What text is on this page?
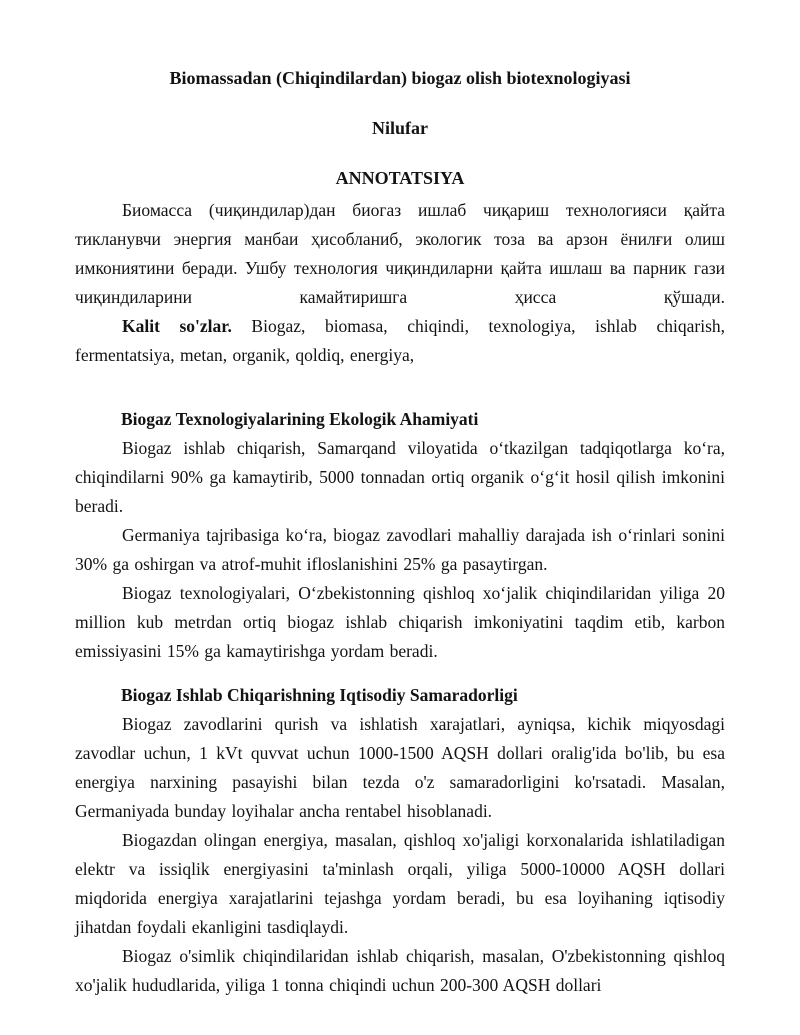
Biomassadan (Chiqindilardan) biogaz olish biotexnologiyasi
Nilufar
ANNOTATSIYA

Биомасса (чиқиндилар)дан биогаз ишлаб чиқариш технологияси қайта тикланувчи энергия манбаи ҳисобланиб, экологик тоза ва арзон ёнилғи олиш имкониятини беради. Ушбу технология чиқиндиларни қайта ишлаш ва парник гази чиқиндиларини камайтиришга ҳисса қўшади.

Kalit so'zlar. Biogaz, biomasa, chiqindi, texnologiya, ishlab chiqarish, fermentatsiya, metan, organik, qoldiq, energiya,

Biogaz Texnologiyalarining Ekologik Ahamiyati

Biogaz ishlab chiqarish, Samarqand viloyatida o‘tkazilgan tadqiqotlarga ko‘ra, chiqindilarni 90% ga kamaytirib, 5000 tonnadan ortiq organik o‘g‘it hosil qilish imkonini beradi.

Germaniya tajribasiga ko‘ra, biogaz zavodlari mahalliy darajada ish o‘rinlari sonini 30% ga oshirgan va atrof-muhit ifloslanishini 25% ga pasaytirgan.

Biogaz texnologiyalari, O‘zbekistonning qishloq xo‘jalik chiqindilaridan yiliga 20 million kub metrdan ortiq biogaz ishlab chiqarish imkoniyatini taqdim etib, karbon emissiyasini 15% ga kamaytirishga yordam beradi.

Biogaz Ishlab Chiqarishning Iqtisodiy Samaradorligi

Biogaz zavodlarini qurish va ishlatish xarajatlari, ayniqsa, kichik miqyosdagi zavodlar uchun, 1 kVt quvvat uchun 1000-1500 AQSH dollari oralig'ida bo'lib, bu esa energiya narxining pasayishi bilan tezda o'z samaradorligini ko'rsatadi. Masalan, Germaniyada bunday loyihalar ancha rentabel hisoblanadi.

Biogazdan olingan energiya, masalan, qishloq xo'jaligi korxonalarida ishlatiladigan elektr va issiqlik energiyasini ta'minlash orqali, yiliga 5000-10000 AQSH dollari miqdorida energiya xarajatlarini tejashga yordam beradi, bu esa loyihaning iqtisodiy jihatdan foydali ekanligini tasdiqlaydi.

Biogaz o'simlik chiqindilaridan ishlab chiqarish, masalan, O'zbekistonning qishloq xo'jalik hududlarida, yiliga 1 tonna chiqindi uchun 200-300 AQSH dollari
